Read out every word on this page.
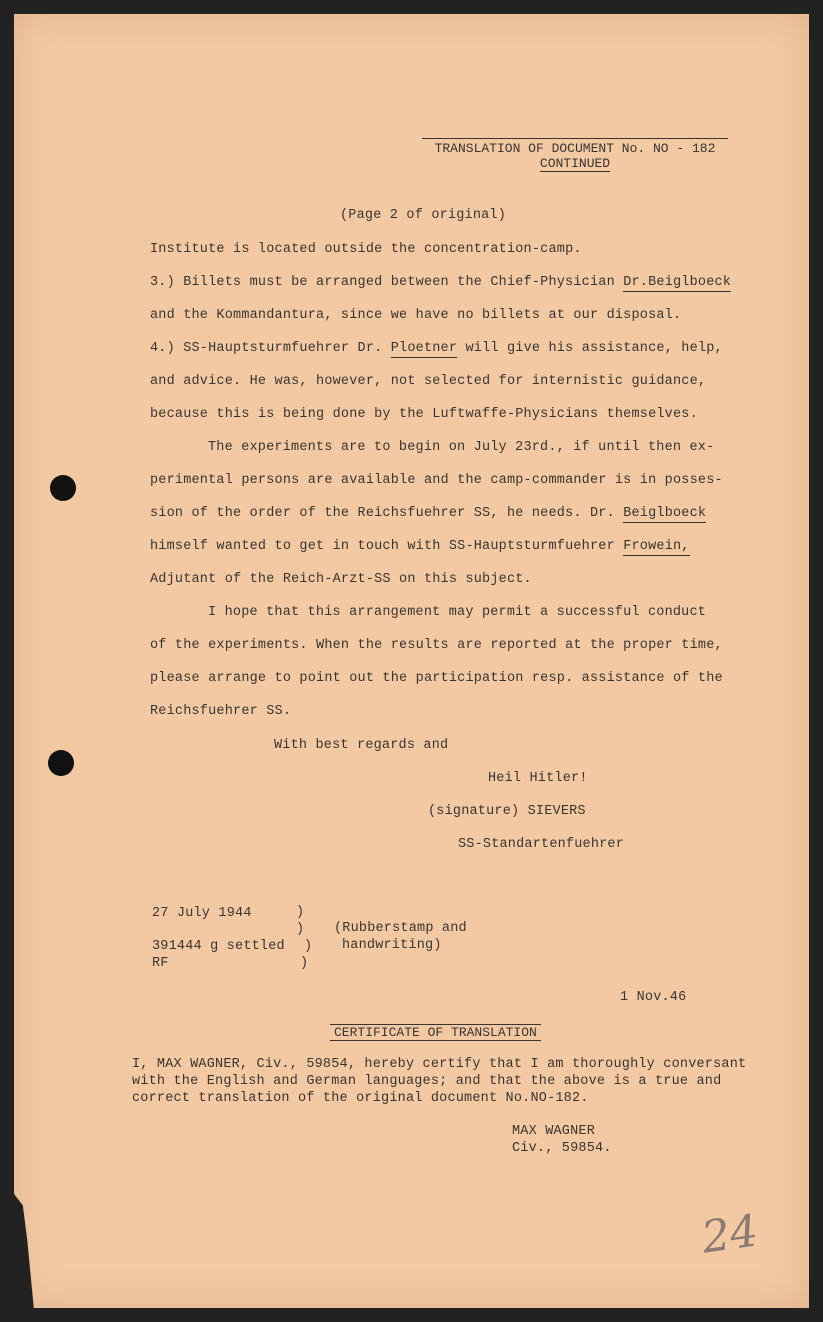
TRANSLATION OF DOCUMENT No. NO - 182
CONTINUED
(Page 2 of original)
Institute is located outside the concentration-camp.
3.) Billets must be arranged between the Chief-Physician Dr.Beiglboeck
and the Kommandantura, since we have no billets at our disposal.
4.) SS-Hauptsturmfuehrer Dr. Ploetner will give his assistance, help,
and advice. He was, however, not selected for internistic guidance,
because this is being done by the Luftwaffe-Physicians themselves.
The experiments are to begin on July 23rd., if until then ex-
perimental persons are available and the camp-commander is in posses-
sion of the order of the Reichsfuehrer SS, he needs. Dr. Beiglboeck
himself wanted to get in touch with SS-Hauptsturmfuehrer Frowein,
Adjutant of the Reich-Arzt-SS on this subject.
I hope that this arrangement may permit a successful conduct
of the experiments. When the results are reported at the proper time,
please arrange to point out the participation resp. assistance of the
Reichsfuehrer SS.
With best regards and
Heil Hitler!
(signature) SIEVERS
SS-Standartenfuehrer
27 July 1944
391444 g settled
RF
)
)
)
)
(Rubberstamp and
handwriting)
1 Nov.46
CERTIFICATE OF TRANSLATION
I, MAX WAGNER, Civ., 59854, hereby certify that I am thoroughly conversant
with the English and German languages; and that the above is a true and
correct translation of the original document No.NO-182.
MAX WAGNER
Civ., 59854.
24
